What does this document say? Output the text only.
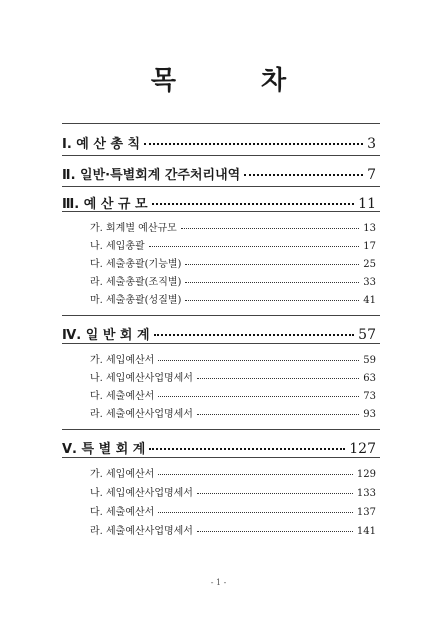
목 차
Ⅰ. 예 산 총 칙	3
Ⅱ. 일반·특별회계 간주처리내역	7
Ⅲ. 예 산 규 모	11
가. 회계별 예산규모	13
나. 세입총괄	17
다. 세출총괄(기능별)	25
라. 세출총괄(조직별)	33
마. 세출총괄(성질별)	41
Ⅳ. 일 반 회 계	57
가. 세입예산서	59
나. 세입예산사업명세서	63
다. 세출예산서	73
라. 세출예산사업명세서	93
Ⅴ. 특 별 회 계	127
가. 세입예산서	129
나. 세입예산사업명세서	133
다. 세출예산서	137
라. 세출예산사업명세서	141
- 1 -
